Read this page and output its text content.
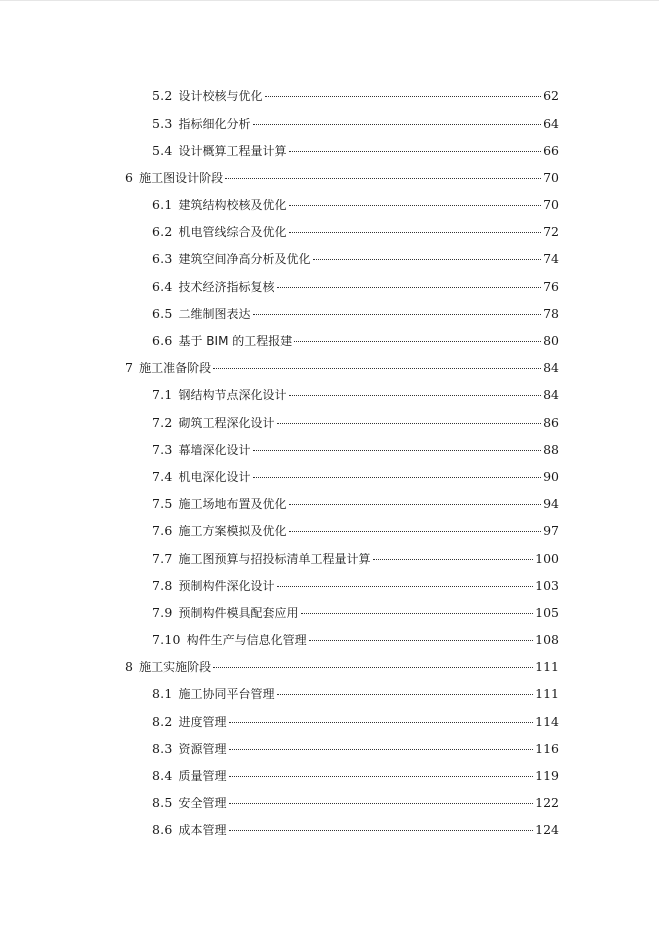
5.2 设计校核与优化	62
5.3 指标细化分析	64
5.4 设计概算工程量计算	66
6 施工图设计阶段	70
6.1 建筑结构校核及优化	70
6.2 机电管线综合及优化	72
6.3 建筑空间净高分析及优化	74
6.4 技术经济指标复核	76
6.5 二维制图表达	78
6.6 基于 BIM 的工程报建	80
7 施工准备阶段	84
7.1 钢结构节点深化设计	84
7.2 砌筑工程深化设计	86
7.3 幕墙深化设计	88
7.4 机电深化设计	90
7.5 施工场地布置及优化	94
7.6 施工方案模拟及优化	97
7.7 施工图预算与招投标清单工程量计算	100
7.8 预制构件深化设计	103
7.9 预制构件模具配套应用	105
7.10 构件生产与信息化管理	108
8 施工实施阶段	111
8.1 施工协同平台管理	111
8.2 进度管理	114
8.3 资源管理	116
8.4 质量管理	119
8.5 安全管理	122
8.6 成本管理	124
